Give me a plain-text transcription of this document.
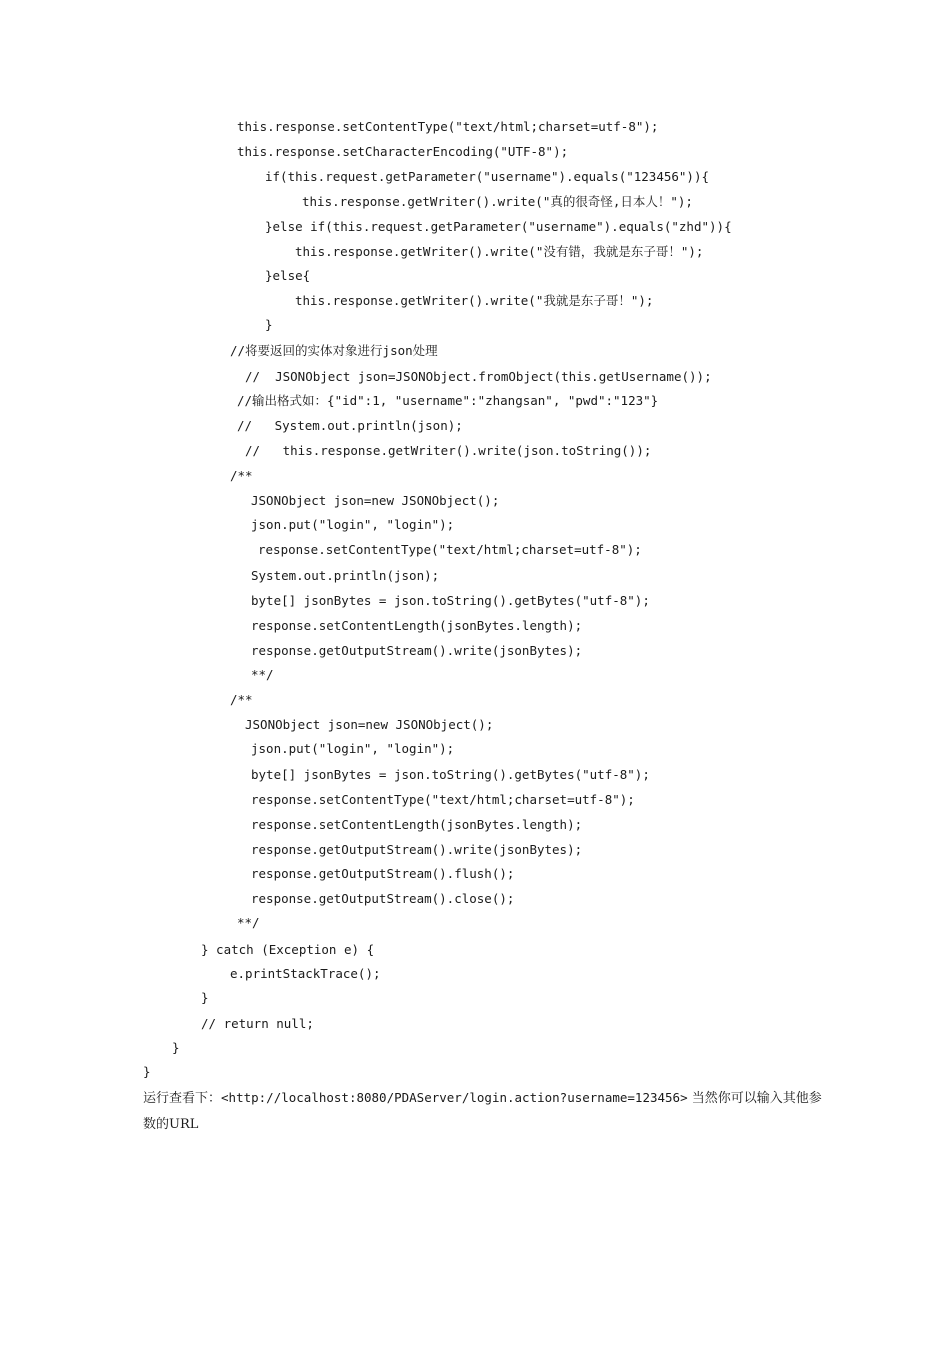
this.response.setContentType("text/html;charset=utf-8");
this.response.setCharacterEncoding("UTF-8");
if(this.request.getParameter("username").equals("123456")){
this.response.getWriter().write("真的很奇怪,日本人！");
}else if(this.request.getParameter("username").equals("zhd")){
this.response.getWriter().write("没有错，我就是东子哥！");
}else{
this.response.getWriter().write("我就是东子哥！");
}
//将要返回的实体对象进行json处理
//  JSONObject json=JSONObject.fromObject(this.getUsername());
//输出格式如：{"id":1, "username":"zhangsan", "pwd":"123"}
//   System.out.println(json);
//   this.response.getWriter().write(json.toString());
/**
JSONObject json=new JSONObject();
json.put("login", "login");
response.setContentType("text/html;charset=utf-8");
System.out.println(json);
byte[] jsonBytes = json.toString().getBytes("utf-8");
response.setContentLength(jsonBytes.length);
response.getOutputStream().write(jsonBytes);
**/
/**
JSONObject json=new JSONObject();
json.put("login", "login");
byte[] jsonBytes = json.toString().getBytes("utf-8");
response.setContentType("text/html;charset=utf-8");
response.setContentLength(jsonBytes.length);
response.getOutputStream().write(jsonBytes);
response.getOutputStream().flush();
response.getOutputStream().close();
**/
} catch (Exception e) {
e.printStackTrace();
}
// return null;
}
}
运行查看下：<http://localhost:8080/PDAServer/login.action?username=123456> 当然你可以输入其他参数的URL
